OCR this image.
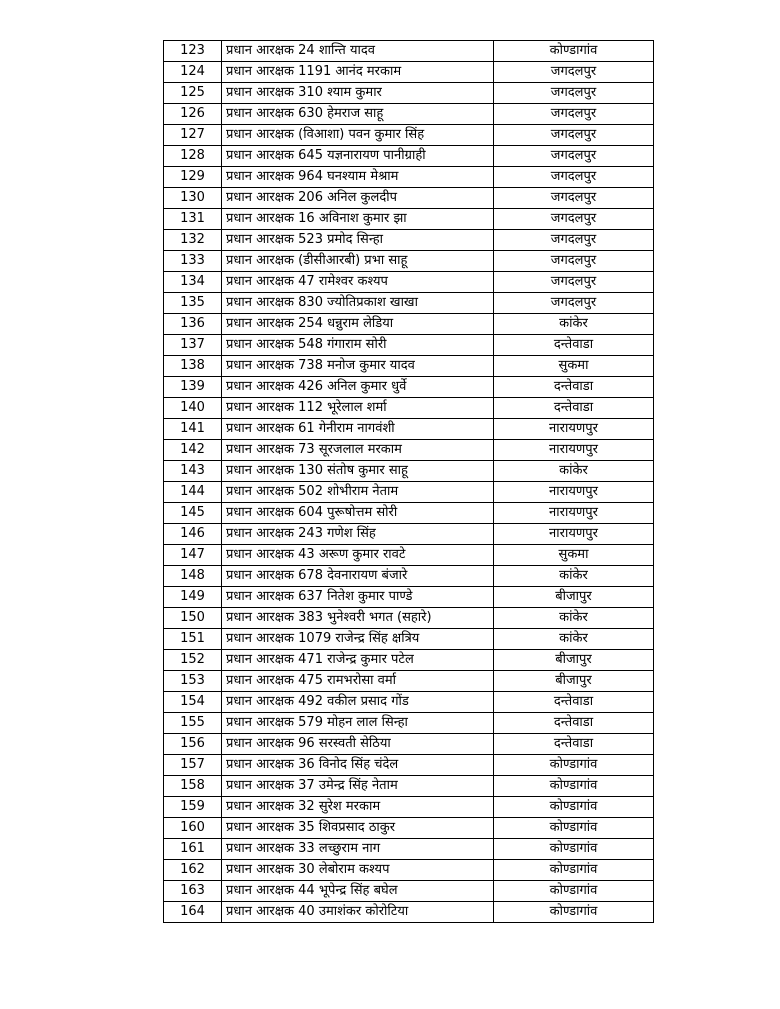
123	प्रधान आरक्षक 24 शान्ति यादव	कोण्डागांव
124	प्रधान आरक्षक 1191 आनंद मरकाम	जगदलपुर
125	प्रधान आरक्षक 310 श्याम कुमार	जगदलपुर
126	प्रधान आरक्षक 630 हेमराज साहू	जगदलपुर
127	प्रधान आरक्षक (विआशा) पवन कुमार सिंह	जगदलपुर
128	प्रधान आरक्षक 645 यज्ञनारायण पानीग्राही	जगदलपुर
129	प्रधान आरक्षक 964 घनश्याम मेश्राम	जगदलपुर
130	प्रधान आरक्षक 206 अनिल कुलदीप	जगदलपुर
131	प्रधान आरक्षक 16 अविनाश कुमार झा	जगदलपुर
132	प्रधान आरक्षक 523 प्रमोद सिन्हा	जगदलपुर
133	प्रधान आरक्षक (डीसीआरबी) प्रभा साहू	जगदलपुर
134	प्रधान आरक्षक 47 रामेश्वर कश्यप	जगदलपुर
135	प्रधान आरक्षक 830 ज्योतिप्रकाश खाखा	जगदलपुर
136	प्रधान आरक्षक 254 धन्नुराम लेडिया	कांकेर
137	प्रधान आरक्षक 548 गंगाराम सोरी	दन्तेवाडा
138	प्रधान आरक्षक 738 मनोज कुमार यादव	सुकमा
139	प्रधान आरक्षक 426 अनिल कुमार धुर्वे	दन्तेवाडा
140	प्रधान आरक्षक 112 भूरेलाल शर्मा	दन्तेवाडा
141	प्रधान आरक्षक 61 गेनीराम नागवंशी	नारायणपुर
142	प्रधान आरक्षक 73 सूरजलाल मरकाम	नारायणपुर
143	प्रधान आरक्षक 130 संतोष कुमार साहू	कांकेर
144	प्रधान आरक्षक 502 शोभीराम नेताम	नारायणपुर
145	प्रधान आरक्षक 604 पुरूषोत्तम सोरी	नारायणपुर
146	प्रधान आरक्षक 243 गणेश सिंह	नारायणपुर
147	प्रधान आरक्षक 43 अरूण कुमार रावटे	सुकमा
148	प्रधान आरक्षक 678 देवनारायण बंजारे	कांकेर
149	प्रधान आरक्षक 637 नितेश कुमार पाण्डे	बीजापुर
150	प्रधान आरक्षक 383 भुनेश्वरी भगत (सहारे)	कांकेर
151	प्रधान आरक्षक 1079 राजेन्द्र सिंह क्षत्रिय	कांकेर
152	प्रधान आरक्षक 471 राजेन्द्र कुमार पटेल	बीजापुर
153	प्रधान आरक्षक 475 रामभरोसा वर्मा	बीजापुर
154	प्रधान आरक्षक 492 वकील प्रसाद गोंड	दन्तेवाडा
155	प्रधान आरक्षक 579 मोहन लाल सिन्हा	दन्तेवाडा
156	प्रधान आरक्षक 96 सरस्वती सेठिया	दन्तेवाडा
157	प्रधान आरक्षक 36 विनोद सिंह चंदेल	कोण्डागांव
158	प्रधान आरक्षक 37 उमेन्द्र सिंह नेताम	कोण्डागांव
159	प्रधान आरक्षक 32 सुरेश मरकाम	कोण्डागांव
160	प्रधान आरक्षक 35 शिवप्रसाद ठाकुर	कोण्डागांव
161	प्रधान आरक्षक 33 लच्छुराम नाग	कोण्डागांव
162	प्रधान आरक्षक 30 लेबोराम कश्यप	कोण्डागांव
163	प्रधान आरक्षक 44 भूपेन्द्र सिंह बघेल	कोण्डागांव
164	प्रधान आरक्षक 40 उमाशंकर कोरोटिया	कोण्डागांव
